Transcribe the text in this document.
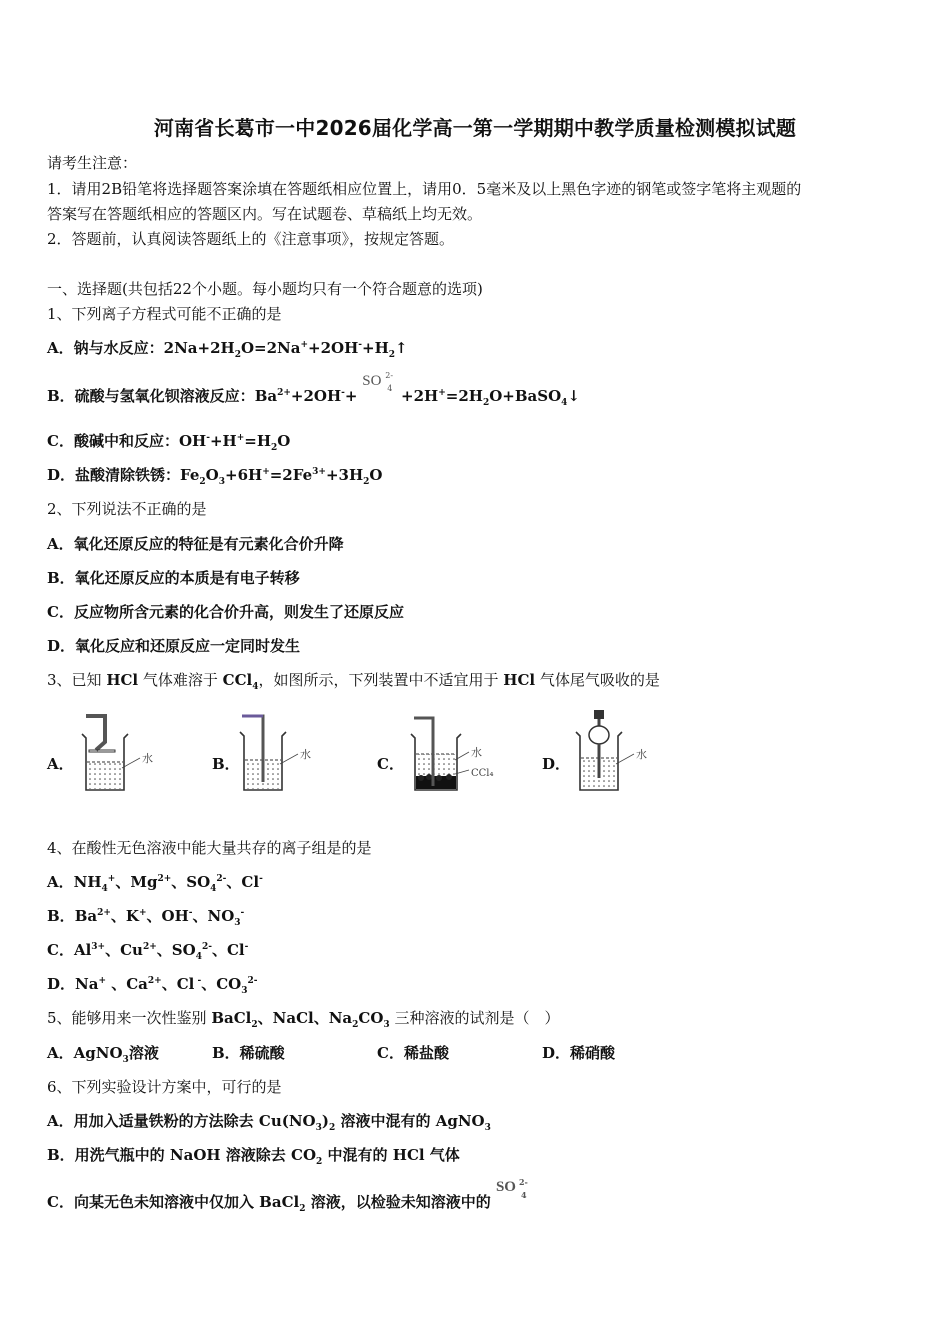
河南省长葛市一中2026届化学高一第一学期期中教学质量检测模拟试题
请考生注意：
1．请用2B铅笔将选择题答案涂填在答题纸相应位置上，请用0．5毫米及以上黑色字迹的钢笔或签字笔将主观题的
答案写在答题纸相应的答题区内。写在试题卷、草稿纸上均无效。
2．答题前，认真阅读答题纸上的《注意事项》，按规定答题。
一、选择题(共包括22个小题。每小题均只有一个符合题意的选项)
1、下列离子方程式可能不正确的是
A．钠与水反应：$2Na+2H_2O=2Na^++2OH^-+H_2↑$
B．硫酸与氢氧化钡溶液反应：$Ba^{2+}+2OH^-+$
SO 2-
$4 +2H^+=2H_2O+BaSO_4↓$
C．酸碱中和反应：$OH^-+H^+=H_2O$
D．盐酸清除铁锈：$Fe_2O_3+6H^+=2Fe^{3+}+3H_2O$
2、下列说法不正确的是
A．氧化还原反应的特征是有元素化合价升降
B．氧化还原反应的本质是有电子转移
C．反应物所含元素的化合价升高，则发生了还原反应
D．氧化反应和还原反应一定同时发生
3、已知 HCl 气体难溶于 CCl$_4$，如图所示，下列装置中不适宜用于 HCl 气体尾气吸收的是
A．	B．	C．	D．
水	水	水
CCl₄
水
4、在酸性无色溶液中能大量共存的离子组是的是
A．$NH_4^+$、$Mg^{2+}$、$SO_4^{2-}$、Cl-
B．$Ba^{2+}$、K+、OH-、$NO_3^-$
C．$Al^{3+}$、$Cu^{2+}$、$SO_4^{2-}$、Cl-
D．Na+ 、$Ca^{2+}$、Cl -、$CO_3^{2-}$
5、能够用来一次性鉴别 BaCl$_2$、NaCl、$Na_2CO_3$ 三种溶液的试剂是（　）
A．AgNO$_3$溶液	B．稀硫酸	C．稀盐酸	D．稀硝酸
6、下列实验设计方案中，可行的是
A．用加入适量铁粉的方法除去 $Cu(NO_3)_2$ 溶液中混有的 AgNO$_3$
B．用洗气瓶中的 NaOH 溶液除去 $CO_2$ 中混有的 HCl 气体
C．向某无色未知溶液中仅加入 BaCl$_2$ 溶液，以检验未知溶液中的
SO 2-
4
